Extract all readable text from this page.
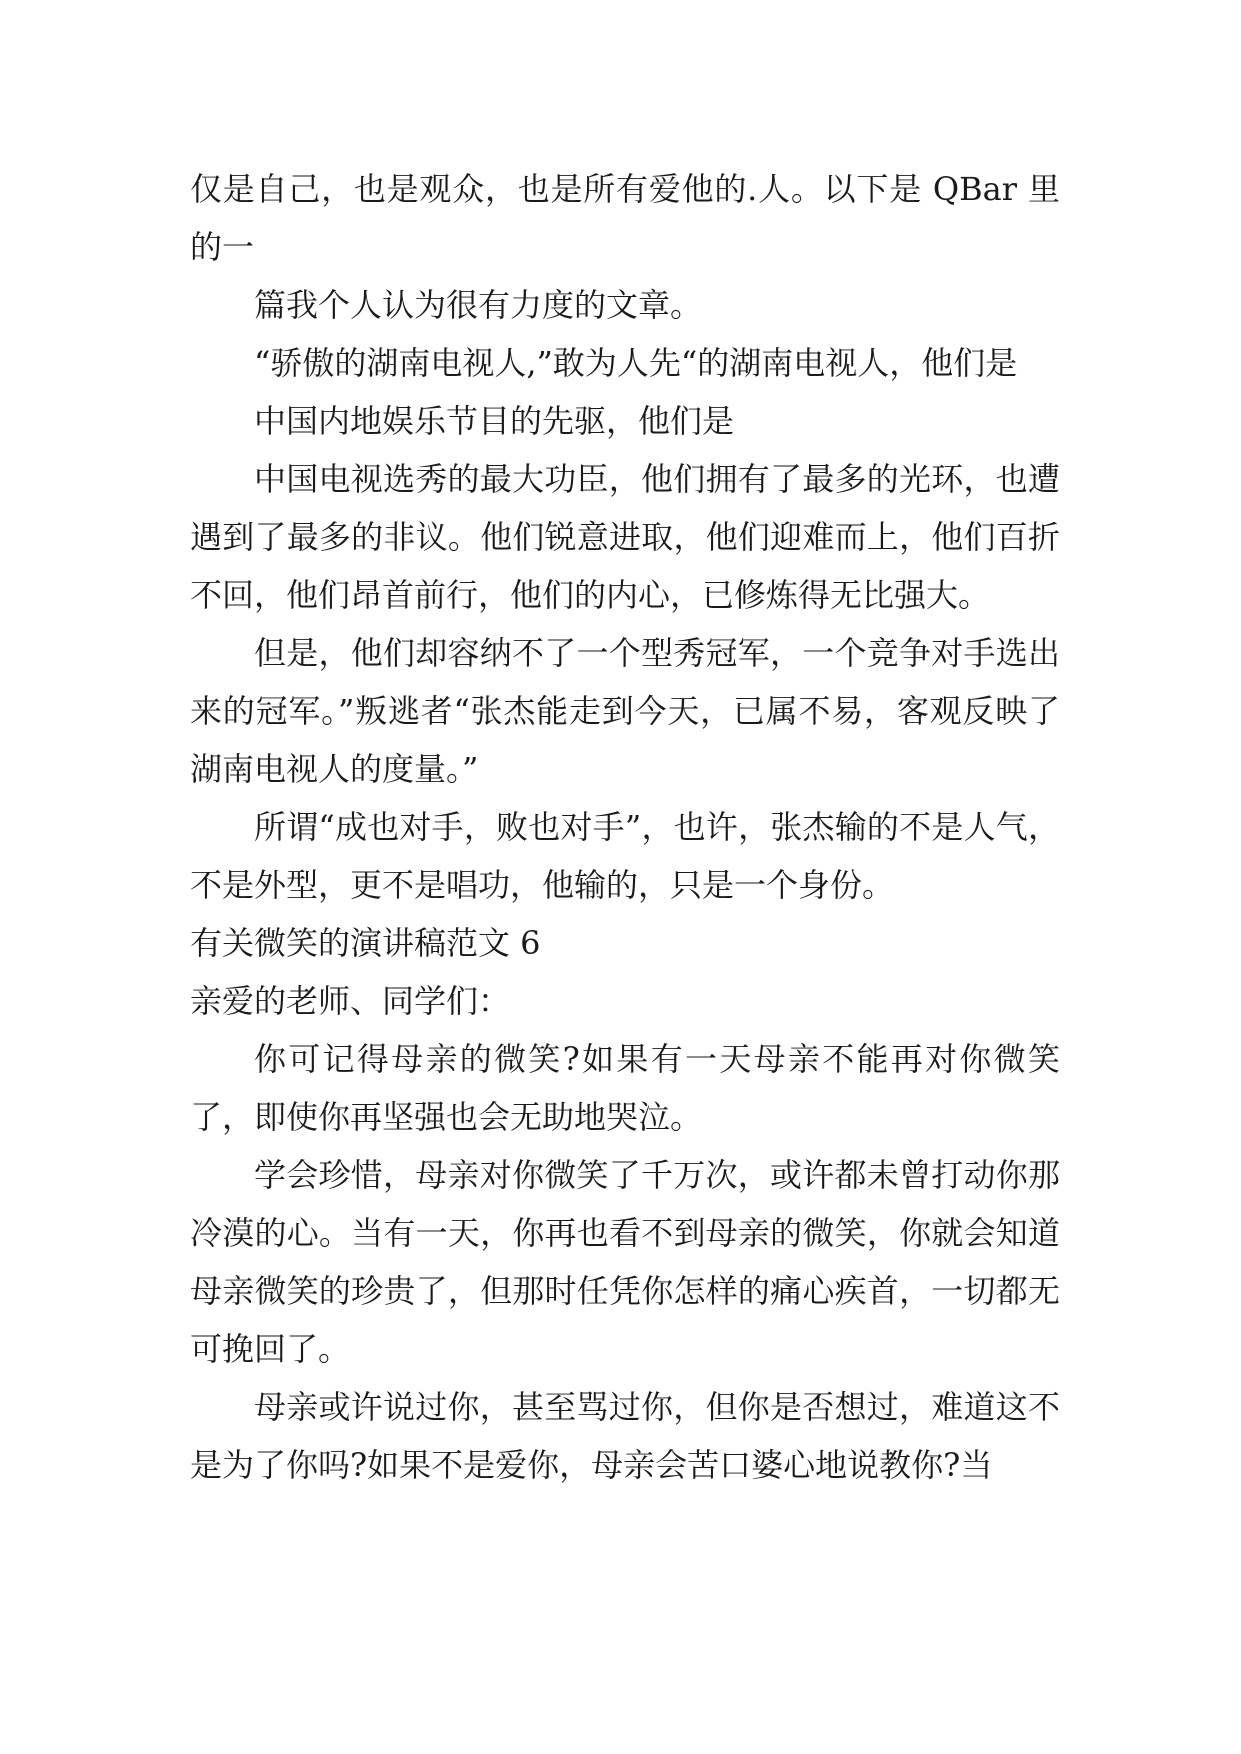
仅是自己，也是观众，也是所有爱他的.人。以下是 QBar 里的一

篇我个人认为很有力度的文章。

“骄傲的湖南电视人,”敢为人先“的湖南电视人，他们是

中国内地娱乐节目的先驱，他们是

中国电视选秀的最大功臣，他们拥有了最多的光环，也遭遇到了最多的非议。他们锐意进取，他们迎难而上，他们百折不回，他们昂首前行，他们的内心，已修炼得无比强大。

但是，他们却容纳不了一个型秀冠军，一个竞争对手选出来的冠军。”叛逃者“张杰能走到今天，已属不易，客观反映了湖南电视人的度量。”

所谓“成也对手，败也对手”，也许，张杰输的不是人气，不是外型，更不是唱功，他输的，只是一个身份。

有关微笑的演讲稿范文 6

亲爱的老师、同学们：

你可记得母亲的微笑?如果有一天母亲不能再对你微笑了，即使你再坚强也会无助地哭泣。

学会珍惜，母亲对你微笑了千万次，或许都未曾打动你那冷漠的心。当有一天，你再也看不到母亲的微笑，你就会知道母亲微笑的珍贵了，但那时任凭你怎样的痛心疾首，一切都无可挽回了。

母亲或许说过你，甚至骂过你，但你是否想过，难道这不是为了你吗?如果不是爱你，母亲会苦口婆心地说教你?当
